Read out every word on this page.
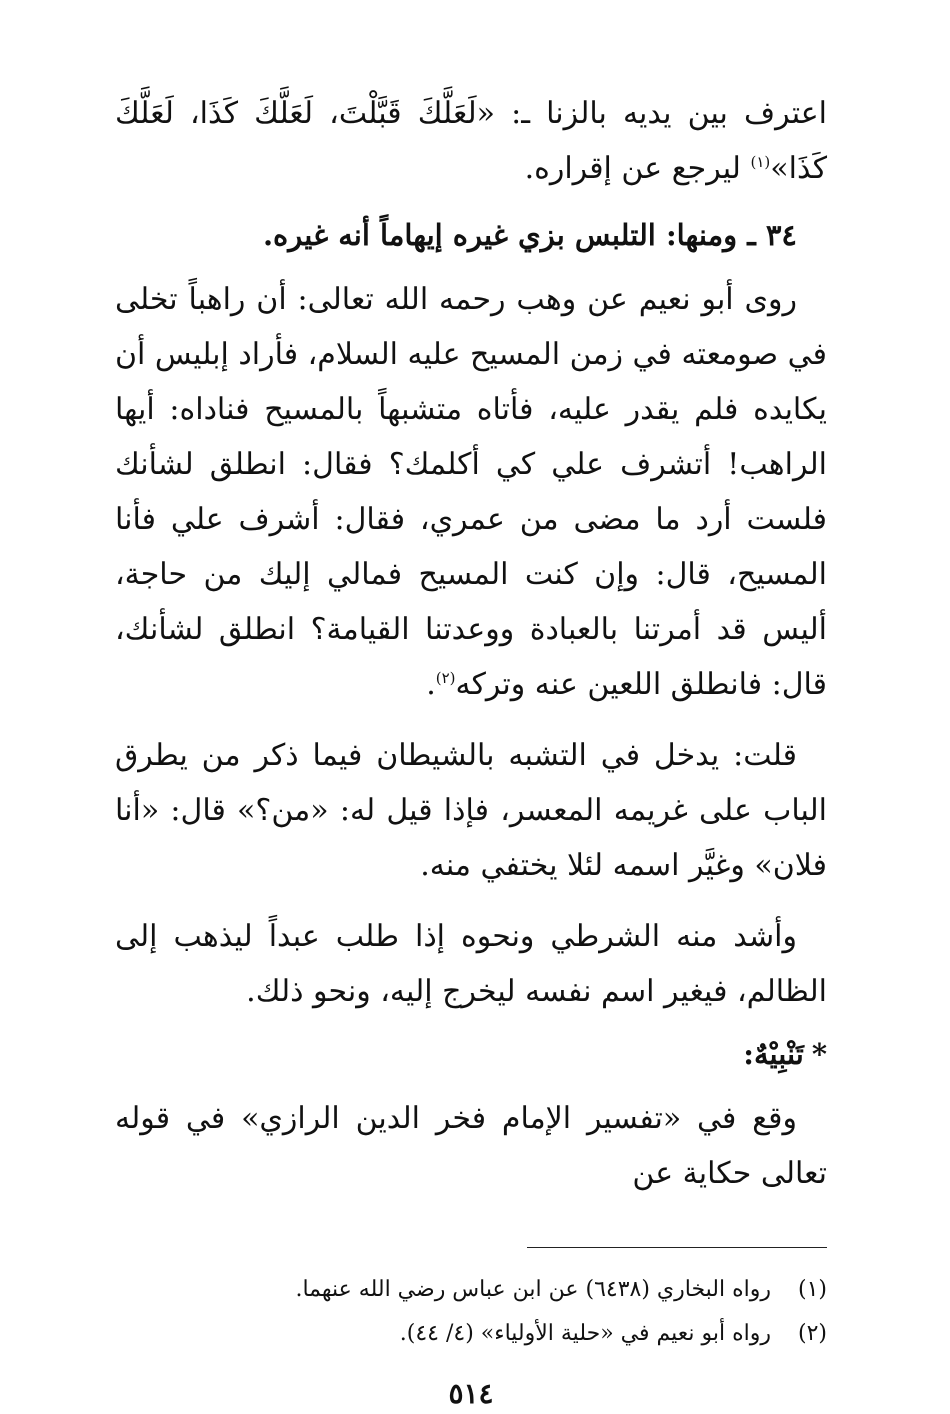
اعترف بين يديه بالزنا ـ: «لَعَلَّكَ قَبَّلْتَ، لَعَلَّكَ كَذَا، لَعَلَّكَ كَذَا»$^{(١)}$ ليرجع عن إقراره.

٣٤ ـ ومنها: التلبس بزي غيره إيهاماً أنه غيره.

روى أبو نعيم عن وهب رحمه الله تعالى: أن راهباً تخلى في صومعته في زمن المسيح عليه السلام، فأراد إبليس أن يكايده فلم يقدر عليه، فأتاه متشبهاً بالمسيح فناداه: أيها الراهب! أتشرف علي كي أكلمك؟ فقال: انطلق لشأنك فلست أرد ما مضى من عمري، فقال: أشرف علي فأنا المسيح، قال: وإن كنت المسيح فمالي إليك من حاجة، أليس قد أمرتنا بالعبادة ووعدتنا القيامة؟ انطلق لشأنك، قال: فانطلق اللعين عنه وتركه$^{(٢)}$.

قلت: يدخل في التشبه بالشيطان فيما ذكر من يطرق الباب على غريمه المعسر، فإذا قيل له: «من؟» قال: «أنا فلان» وغيَّر اسمه لئلا يختفي منه.

وأشد منه الشرطي ونحوه إذا طلب عبداً ليذهب إلى الظالم، فيغير اسم نفسه ليخرج إليه، ونحو ذلك.

*تَنْبِيْهٌ:

وقع في «تفسير الإمام فخر الدين الرازي» في قوله تعالى حكاية عن

(١)رواه البخاري (٦٤٣٨) عن ابن عباس رضي الله عنهما.

(٢)رواه أبو نعيم في «حلية الأولياء» (٤/ ٤٤).

٥١٤
